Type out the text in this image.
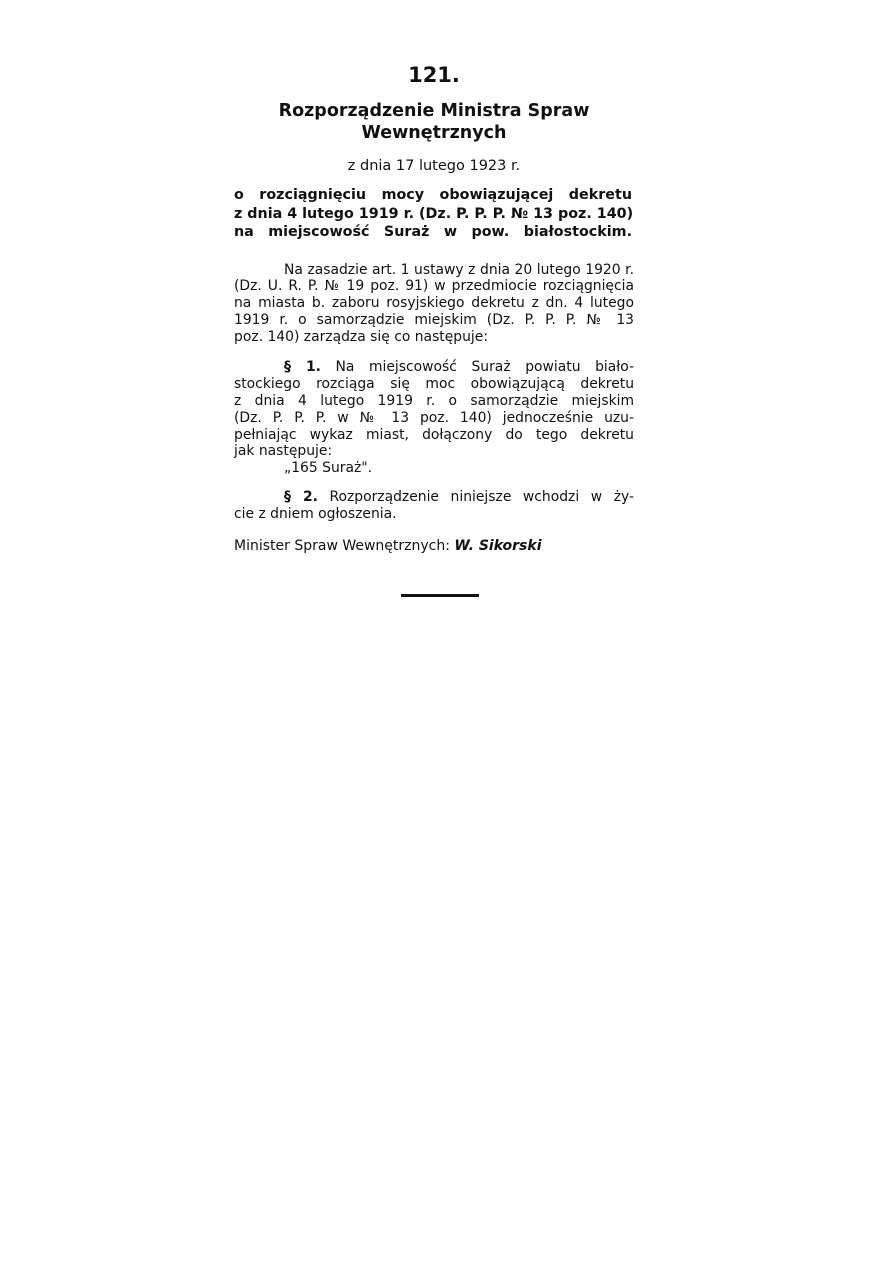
121.
Rozporządzenie Ministra Spraw
Wewnętrznych
z dnia 17 lutego 1923 r.
o rozciągnięciu mocy obowiązującej dekretu
z dnia 4 lutego 1919 r. (Dz. P. P. P. № 13 poz. 140)
na miejscowość Suraż w pow. białostockim.
Na zasadzie art. 1 ustawy z dnia 20 lutego 1920 r.
(Dz. U. R. P. № 19 poz. 91) w przedmiocie rozciągnięcia
na miasta b. zaboru rosyjskiego dekretu z dn. 4 lutego
1919 r. o samorządzie miejskim (Dz. P. P. P. № 13
poz. 140) zarządza się co następuje:
§ 1. Na miejscowość Suraż powiatu biało-
stockiego rozciąga się moc obowiązującą dekretu
z dnia 4 lutego 1919 r. o samorządzie miejskim
(Dz. P. P. P. w № 13 poz. 140) jednocześnie uzu-
pełniając wykaz miast, dołączony do tego dekretu
jak następuje:
„165 Suraż".
§ 2. Rozporządzenie niniejsze wchodzi w ży-
cie z dniem ogłoszenia.
Minister Spraw Wewnętrznych: W. Sikorski
